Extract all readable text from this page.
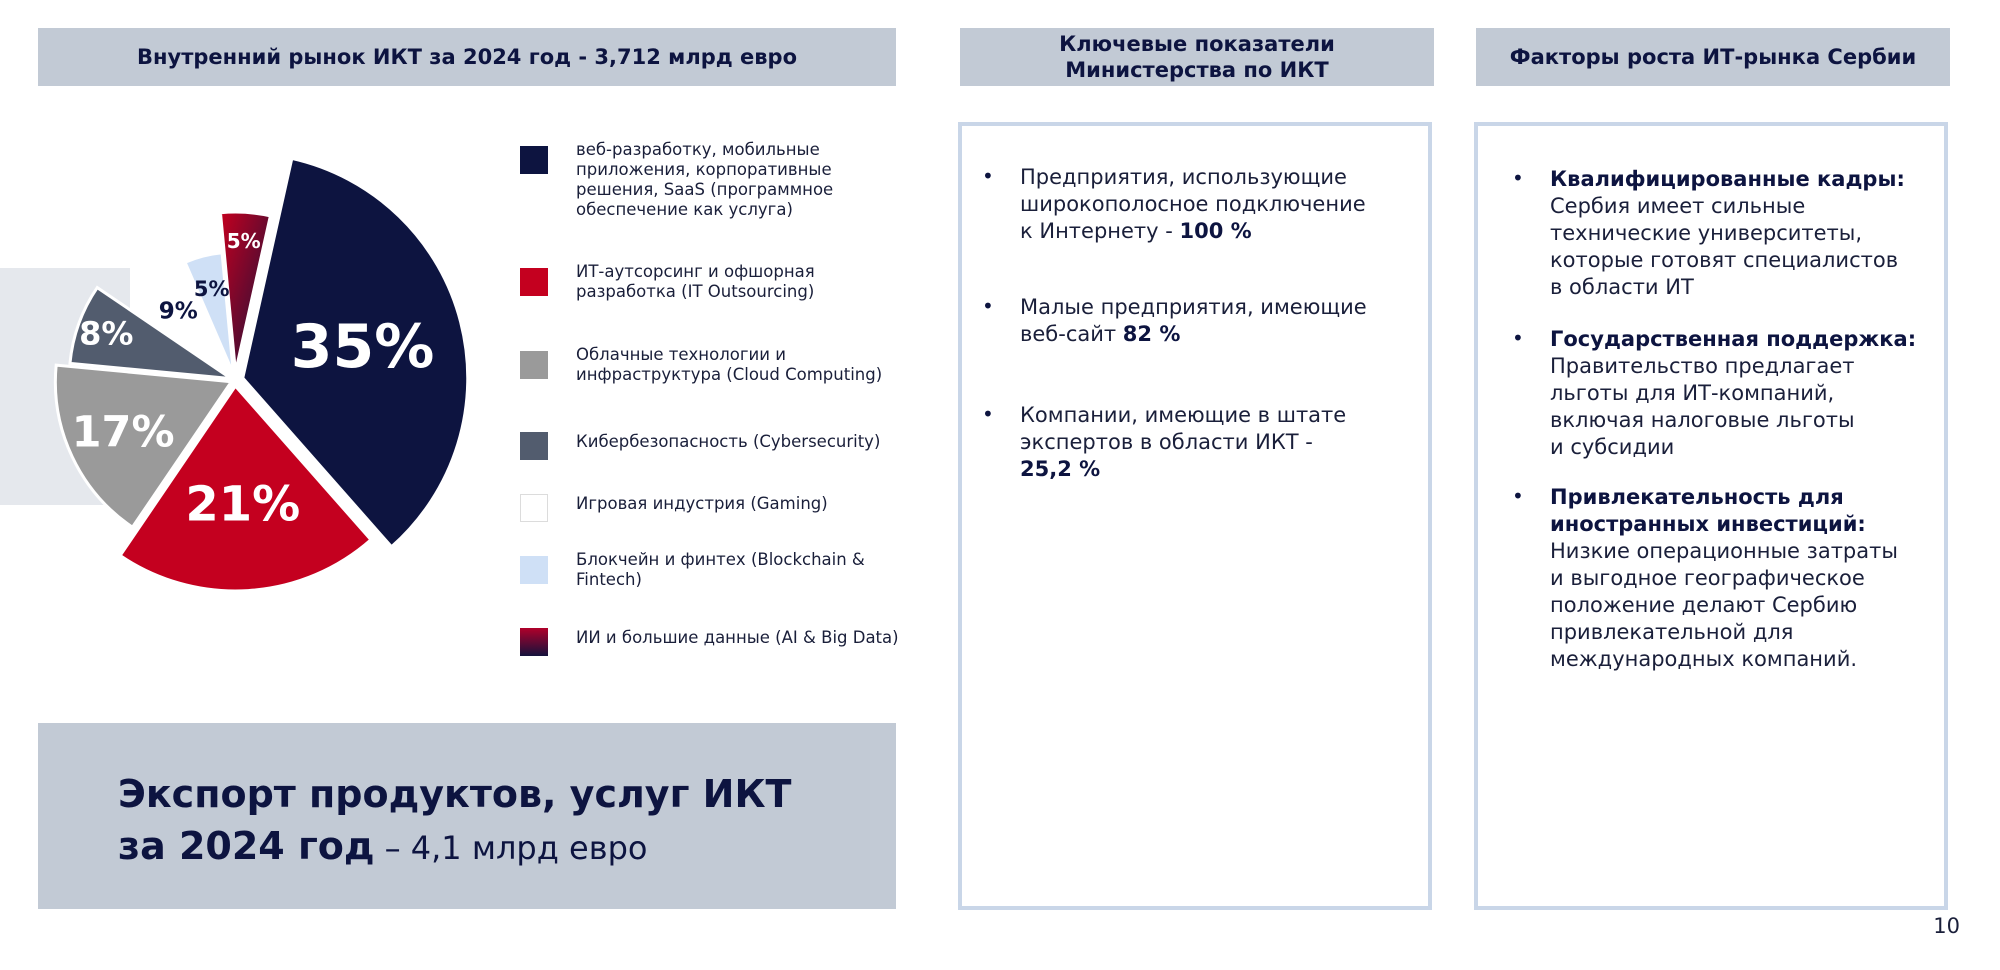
Внутренний рынок ИКТ за 2024 год - 3,712 млрд евро
Ключевые показатели
Министерства по ИКТ
Факторы роста ИТ-рынка Сербии
35%
21%
17%
8%
9%
5%
5%
веб-разработку, мобильные
приложения, корпоративные
решения, SaaS (программное
обеспечение как услуга)
ИТ-аутсорсинг и офшорная
разработка (IT Outsourcing)
Облачные технологии и
инфраструктура (Cloud Computing)
Кибербезопасность (Cybersecurity)
Игровая индустрия (Gaming)
Блокчейн и финтех (Blockchain &
Fintech)
ИИ и большие данные (AI & Big Data)
Экспорт продуктов, услуг ИКТ
за 2024 год – 4,1 млрд евро
• Предприятия, использующие
широкополосное подключение
к Интернету - 100 %
• Малые предприятия, имеющие
веб-сайт 82 %
• Компании, имеющие в штате
экспертов в области ИКТ -
25,2 %
• Квалифицированные кадры:
Сербия имеет сильные
технические университеты,
которые готовят специалистов
в области ИТ
• Государственная поддержка:
Правительство предлагает
льготы для ИТ-компаний,
включая налоговые льготы
и субсидии
• Привлекательность для
иностранных инвестиций:
Низкие операционные затраты
и выгодное географическое
положение делают Сербию
привлекательной для
международных компаний.
10
